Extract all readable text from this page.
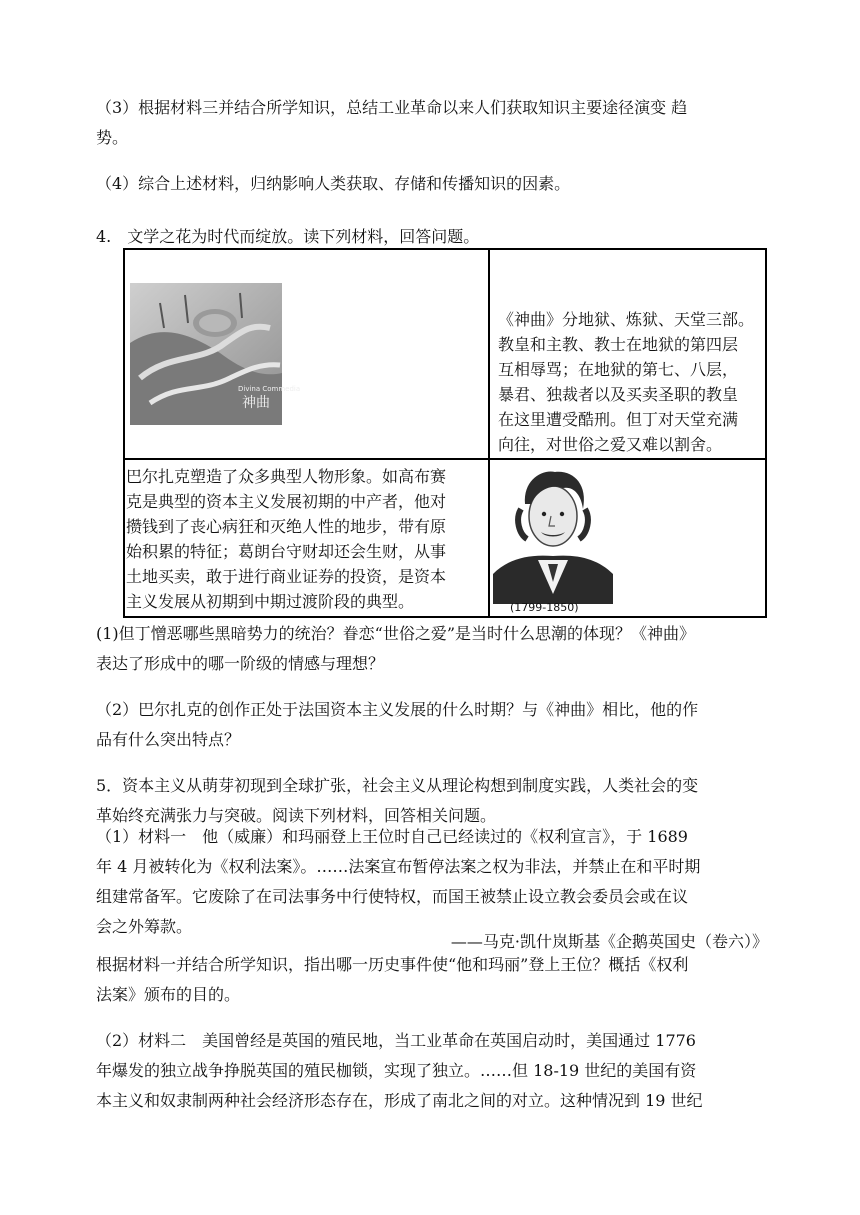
（3）根据材料三并结合所学知识，总结工业革命以来人们获取知识主要途径演变 趋
势。
（4）综合上述材料，归纳影响人类获取、存储和传播知识的因素。
4.　文学之花为时代而绽放。读下列材料，回答问题。
Divina Commedia
神曲
《神曲》分地狱、炼狱、天堂三部。
教皇和主教、教士在地狱的第四层
互相辱骂；在地狱的第七、八层，
暴君、独裁者以及买卖圣职的教皇
在这里遭受酷刑。但丁对天堂充满
向往，对世俗之爱又难以割舍。
巴尔扎克塑造了众多典型人物形象。如高布赛
克是典型的资本主义发展初期的中产者，他对
攒钱到了丧心病狂和灭绝人性的地步，带有原
始积累的特征；葛朗台守财却还会生财，从事
土地买卖，敢于进行商业证券的投资，是资本
主义发展从初期到中期过渡阶段的典型。	(1799-1850)
(1)但丁憎恶哪些黑暗势力的统治？眷恋“世俗之爱”是当时什么思潮的体现？《神曲》
表达了形成中的哪一阶级的情感与理想？
（2）巴尔扎克的创作正处于法国资本主义发展的什么时期？与《神曲》相比，他的作
品有什么突出特点？
5．资本主义从萌芽初现到全球扩张，社会主义从理论构想到制度实践，人类社会的变
革始终充满张力与突破。阅读下列材料，回答相关问题。
（1）材料一　他（威廉）和玛丽登上王位时自己已经读过的《权利宣言》，于 1689
年 4 月被转化为《权利法案》。……法案宣布暂停法案之权为非法，并禁止在和平时期
组建常备军。它废除了在司法事务中行使特权，而国王被禁止设立教会委员会或在议
会之外筹款。
——马克·凯什岚斯基《企鹅英国史（卷六）》
根据材料一并结合所学知识，指出哪一历史事件使“他和玛丽”登上王位？概括《权利
法案》颁布的目的。
（2）材料二　美国曾经是英国的殖民地，当工业革命在英国启动时，美国通过 1776
年爆发的独立战争挣脱英国的殖民枷锁，实现了独立。……但 18-19 世纪的美国有资
本主义和奴隶制两种社会经济形态存在，形成了南北之间的对立。这种情况到 19 世纪
